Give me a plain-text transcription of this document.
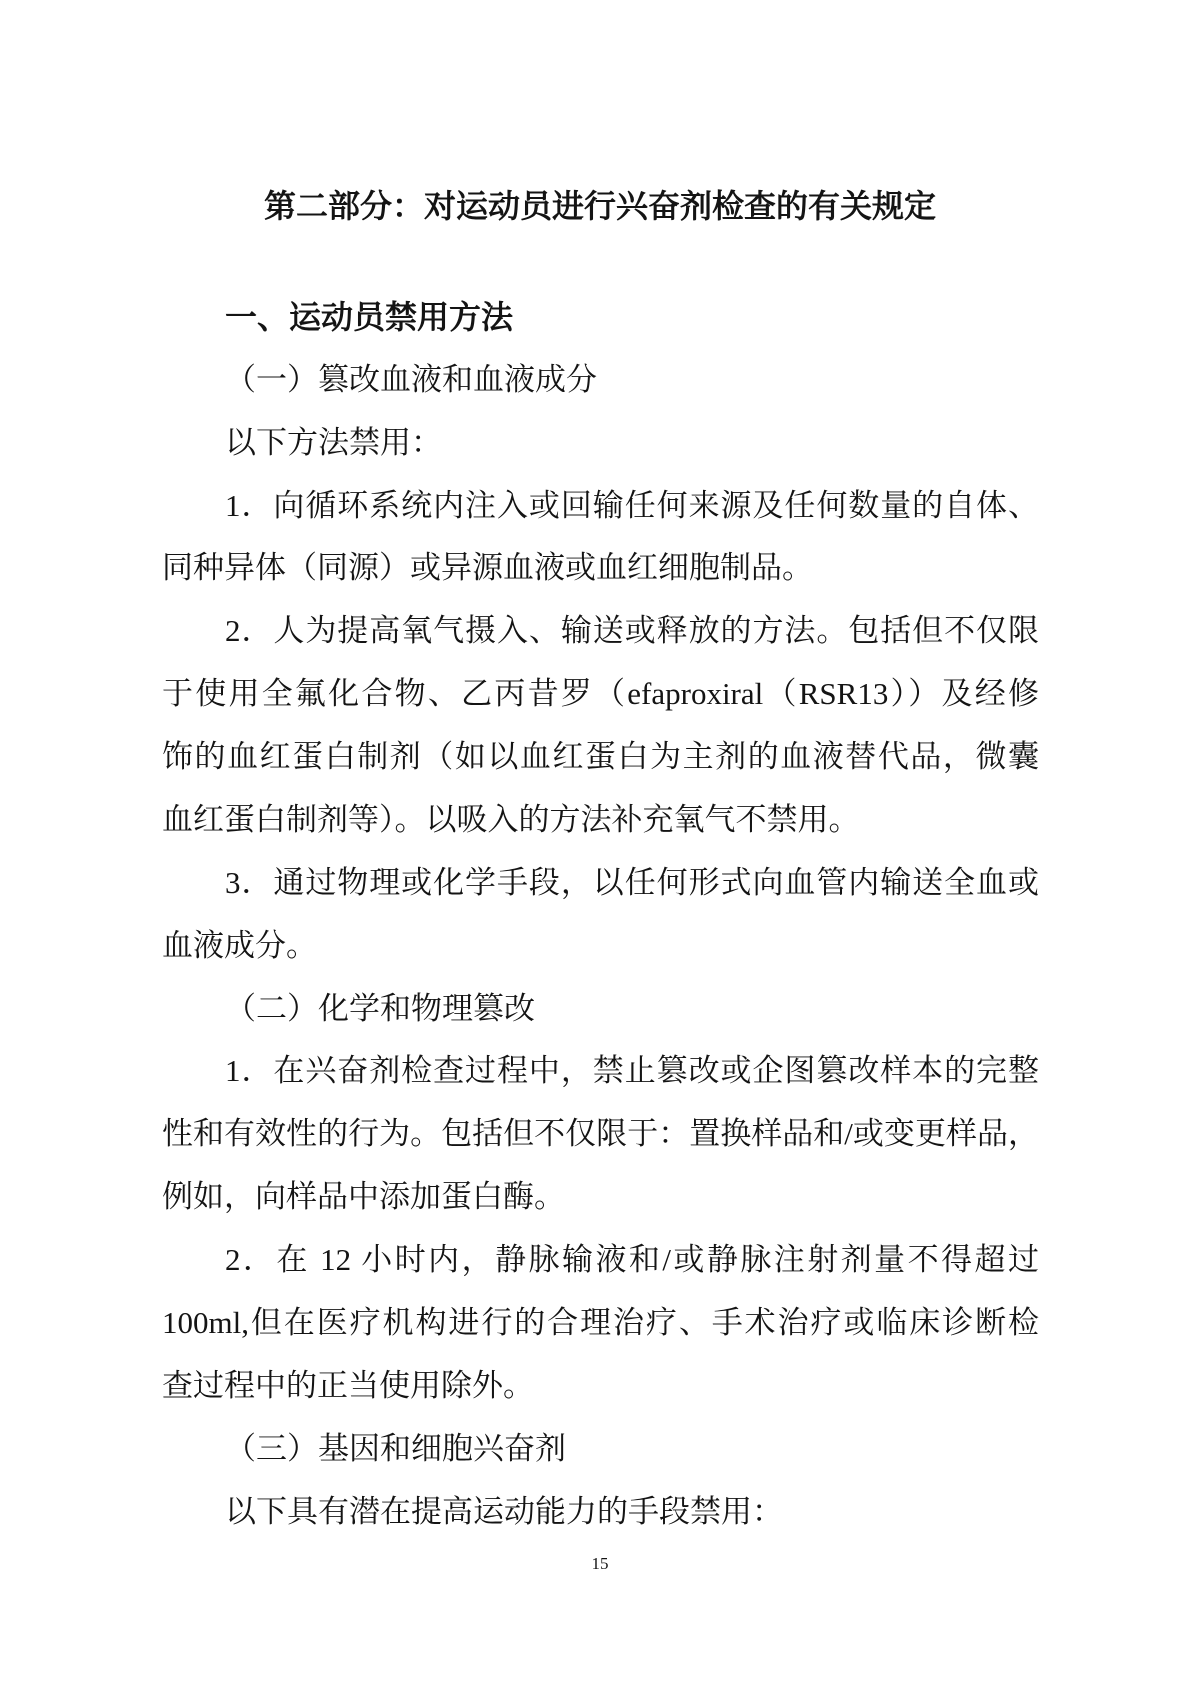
第二部分：对运动员进行兴奋剂检查的有关规定
一、运动员禁用方法
（一）篡改血液和血液成分
以下方法禁用：
1．向循环系统内注入或回输任何来源及任何数量的自体、
同种异体（同源）或异源血液或血红细胞制品。
2．人为提高氧气摄入、输送或释放的方法。包括但不仅限
于使用全氟化合物、乙丙昔罗（efaproxiral（RSR13））及经修
饰的血红蛋白制剂（如以血红蛋白为主剂的血液替代品，微囊
血红蛋白制剂等）。以吸入的方法补充氧气不禁用。
3．通过物理或化学手段，以任何形式向血管内输送全血或
血液成分。
（二）化学和物理篡改
1．在兴奋剂检查过程中，禁止篡改或企图篡改样本的完整
性和有效性的行为。包括但不仅限于：置换样品和/或变更样品，
例如，向样品中添加蛋白酶。
2．在 12 小时内，静脉输液和/或静脉注射剂量不得超过
100ml,但在医疗机构进行的合理治疗、手术治疗或临床诊断检
查过程中的正当使用除外。
（三）基因和细胞兴奋剂
以下具有潜在提高运动能力的手段禁用：
15
